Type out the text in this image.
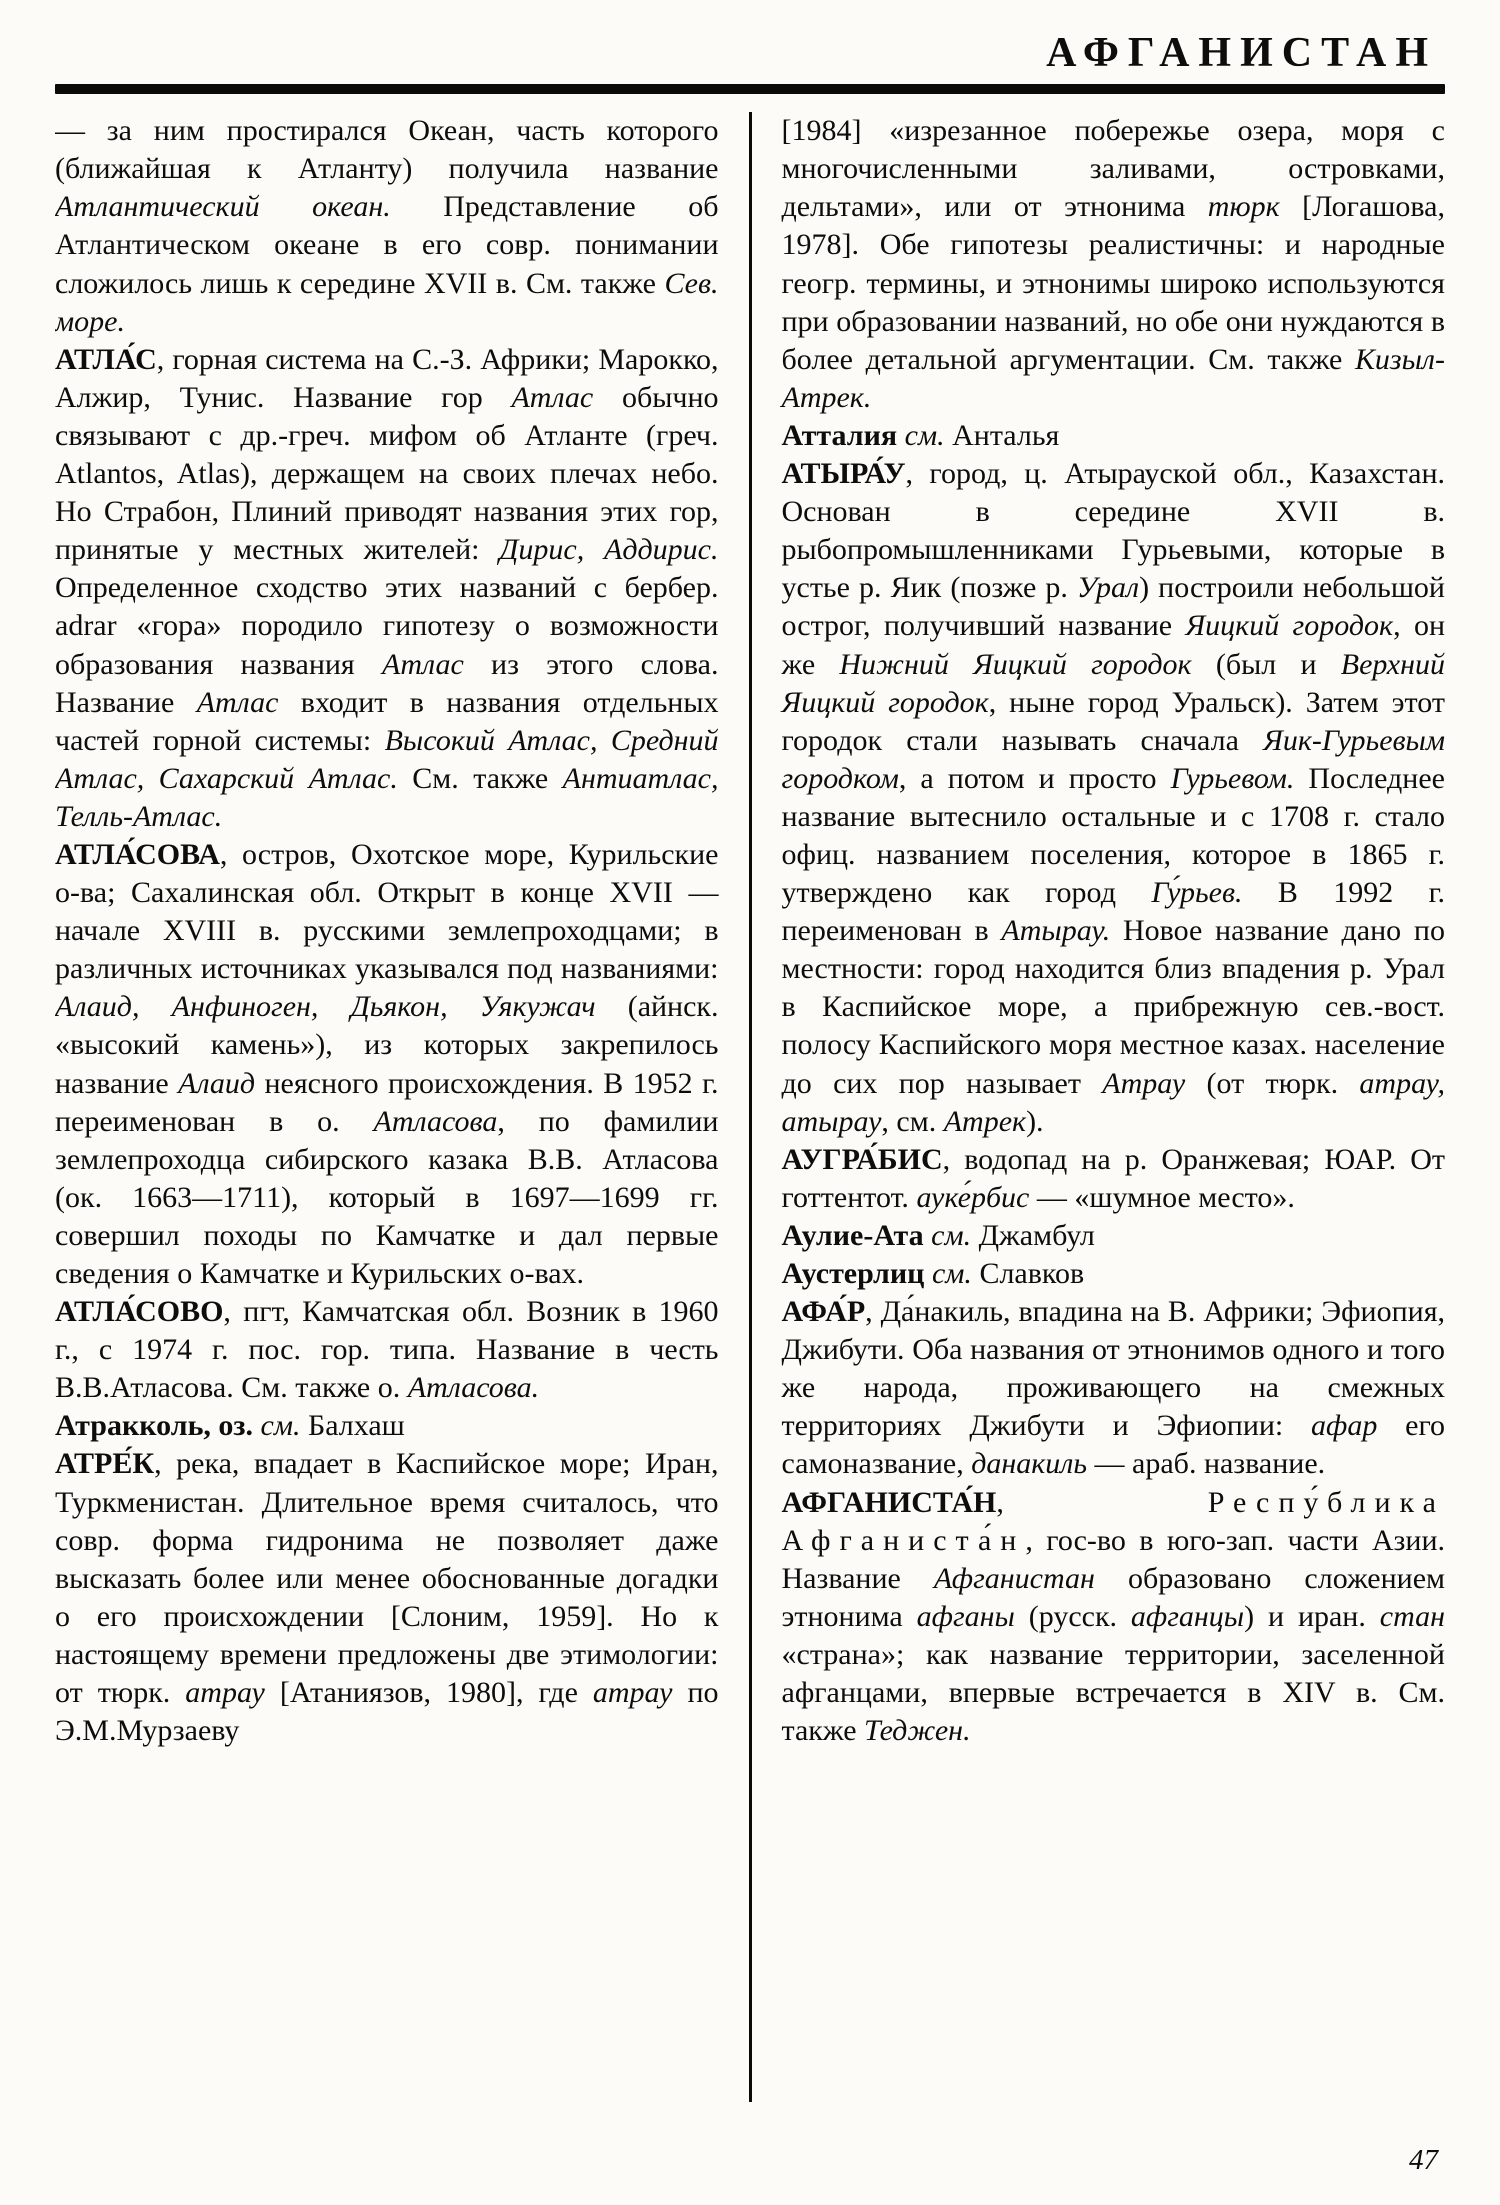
АФГАНИСТАН

— за ним простирался Океан, часть которого (ближайшая к Атланту) получила название Атлантический океан. Представление об Атлантическом океане в его совр. понимании сложилось лишь к середине XVII в. См. также Сев. море.

АТЛА́С, горная система на С.-З. Африки; Марокко, Алжир, Тунис. Название гор Атлас обычно связывают с др.-греч. мифом об Атланте (греч. Atlantos, Atlas), держащем на своих плечах небо. Но Страбон, Плиний приводят названия этих гор, принятые у местных жителей: Дирис, Аддирис. Определенное сходство этих названий с бербер. adrar «гора» породило гипотезу о возможности образования названия Атлас из этого слова. Название Атлас входит в названия отдельных частей горной системы: Высокий Атлас, Средний Атлас, Сахарский Атлас. См. также Антиатлас, Телль-Атлас.

АТЛА́СОВА, остров, Охотское море, Курильские о-ва; Сахалинская обл. Открыт в конце XVII — начале XVIII в. русскими землепроходцами; в различных источниках указывался под названиями: Алаид, Анфиноген, Дьякон, Уякужач (айнск. «высокий камень»), из которых закрепилось название Алаид неясного происхождения. В 1952 г. переименован в о. Атласова, по фамилии землепроходца сибирского казака В.В. Атласова (ок. 1663—1711), который в 1697—1699 гг. совершил походы по Камчатке и дал первые сведения о Камчатке и Курильских о-вах.

АТЛА́СОВО, пгт, Камчатская обл. Возник в 1960 г., с 1974 г. пос. гор. типа. Название в честь В.В.Атласова. См. также о. Атласова.

Атракколь, оз. см. Балхаш

АТРЕ́К, река, впадает в Каспийское море; Иран, Туркменистан. Длительное время считалось, что совр. форма гидронима не позволяет даже высказать более или менее обоснованные догадки о его происхождении [Слоним, 1959]. Но к настоящему времени предложены две этимологии: от тюрк. атрау [Атаниязов, 1980], где атрау по Э.М.Мурзаеву

[1984] «изрезанное побережье озера, моря с многочисленными заливами, островками, дельтами», или от этнонима тюрк [Логашова, 1978]. Обе гипотезы реалистичны: и народные геогр. термины, и этнонимы широко используются при образовании названий, но обе они нуждаются в более детальной аргументации. См. также Кизыл-Атрек.

Атталия см. Анталья

АТЫРА́У, город, ц. Атырауской обл., Казахстан. Основан в середине XVII в. рыбопромышленниками Гурьевыми, которые в устье р. Яик (позже р. Урал) построили небольшой острог, получивший название Яицкий городок, он же Нижний Яицкий городок (был и Верхний Яицкий городок, ныне город Уральск). Затем этот городок стали называть сначала Яик-Гурьевым городком, а потом и просто Гурьевом. Последнее название вытеснило остальные и с 1708 г. стало офиц. названием поселения, которое в 1865 г. утверждено как город Гу́рьев. В 1992 г. переименован в Атырау. Новое название дано по местности: город находится близ впадения р. Урал в Каспийское море, а прибрежную сев.-вост. полосу Каспийского моря местное казах. население до сих пор называет Атрау (от тюрк. атрау, атырау, см. Атрек).

АУГРА́БИС, водопад на р. Оранжевая; ЮАР. От готтентот. ауке́рбис — «шумное место».

Аулие-Ата см. Джамбул

Аустерлиц см. Славков

АФА́Р, Да́накиль, впадина на В. Африки; Эфиопия, Джибути. Оба названия от этнонимов одного и того же народа, проживающего на смежных территориях Джибути и Эфиопии: афар его самоназвание, данакиль — араб. название.

АФГАНИСТА́Н, Респу́блика Афганиста́н, гос-во в юго-зап. части Азии. Название Афганистан образовано сложением этнонима афганы (русск. афганцы) и иран. стан «страна»; как название территории, заселенной афганцами, впервые встречается в XIV в. См. также Теджен.

47
